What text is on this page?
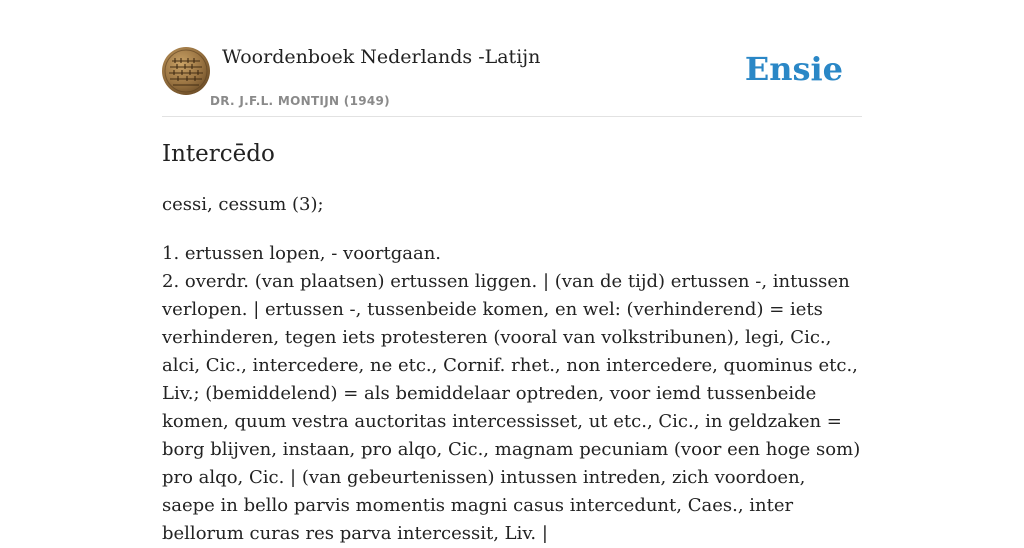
Woordenboek Nederlands -Latijn
DR. J.F.L. MONTIJN (1949)
Ensie
Intercēdo

cessi, cessum (3);

1. ertussen lopen, - voortgaan.

2. overdr. (van plaatsen) ertussen liggen. | (van de tijd) ertussen -, intussen verlopen. | ertussen -, tussenbeide komen, en wel: (verhinderend) = iets verhinderen, tegen iets protesteren (vooral van volkstribunen), legi, Cic., alci, Cic., intercedere, ne etc., Cornif. rhet., non intercedere, quominus etc., Liv.; (bemiddelend) = als bemiddelaar optreden, voor iemd tussenbeide komen, quum vestra auctoritas intercessisset, ut etc., Cic., in geldzaken = borg blijven, instaan, pro alqo, Cic., magnam pecuniam (voor een hoge som) pro alqo, Cic. | (van gebeurtenissen) intussen intreden, zich voordoen, saepe in bello parvis momentis magni casus intercedunt, Caes., inter bellorum curas res parva intercessit, Liv. |
